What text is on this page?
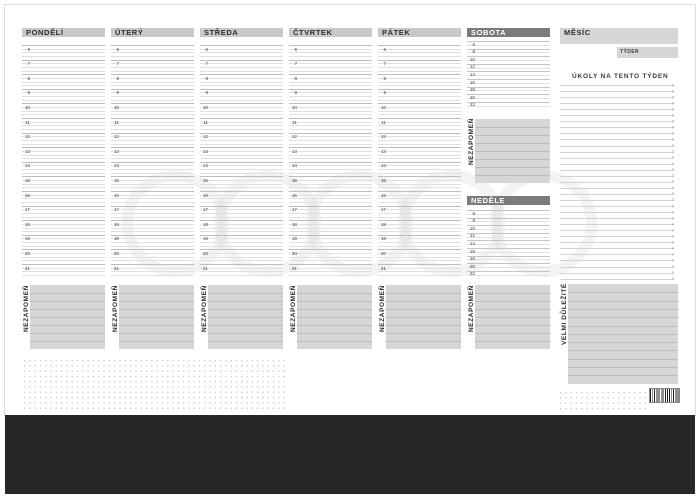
PONDĚLÍ
6
7
8
9
10
11
12
13
14
15
16
17
18
19
20
21
NEZAPOMEŇ
ÚTERÝ
6
7
8
9
10
11
12
13
14
15
16
17
18
19
20
21
NEZAPOMEŇ
STŘEDA
6
7
8
9
10
11
12
13
14
15
16
17
18
19
20
21
NEZAPOMEŇ
ČTVRTEK
6
7
8
9
10
11
12
13
14
15
16
17
18
19
20
21
NEZAPOMEŇ
PÁTEK
6
7
8
9
10
11
12
13
14
15
16
17
18
19
20
21
NEZAPOMEŇ
SOBOTA
6
8
10
12
14
16
18
20
22
NEZAPOMEŇ
NEDĚLE
6
8
10
12
14
16
18
20
22
NEZAPOMEŇ
MĚSÍC
TÝDEN
ÚKOLY NA TENTO TÝDEN
›
›
›
›
›
›
›
›
›
›
›
›
›
›
›
›
›
›
›
›
›
›
›
›
›
›
›
›
›
›
›
›
›
VELMI DŮLEŽITÉ
